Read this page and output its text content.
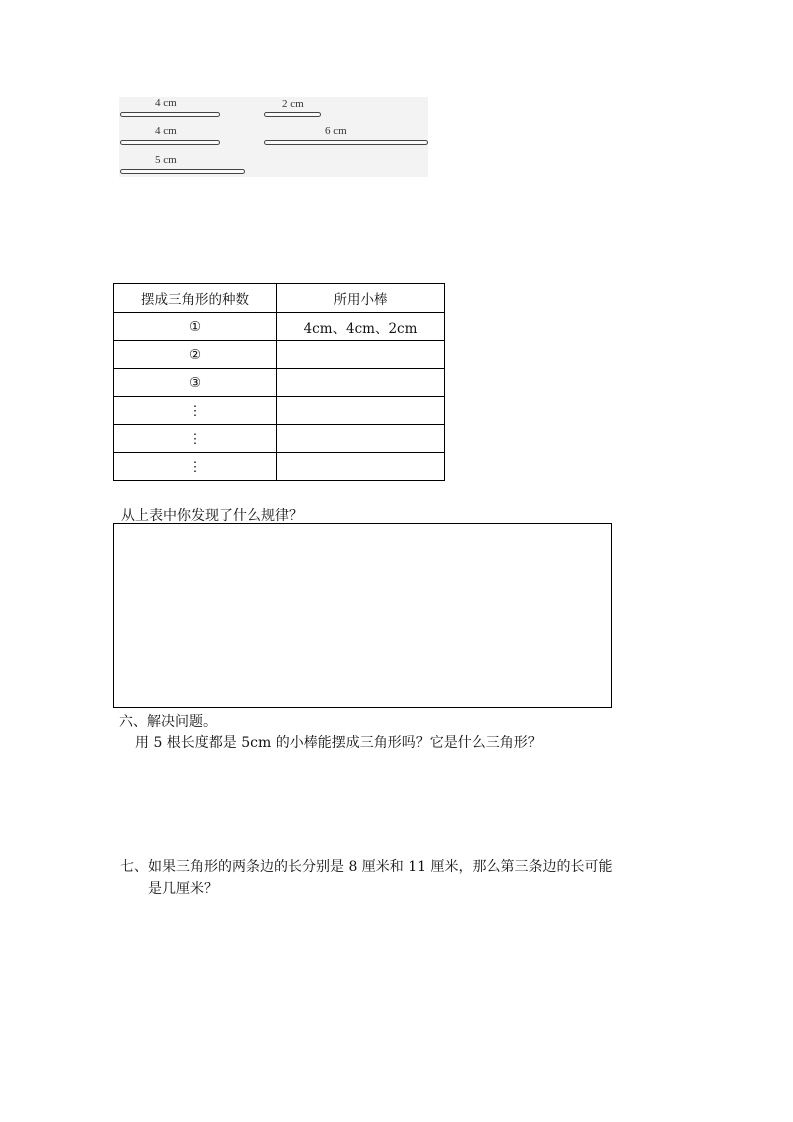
4 cm	2 cm
4 cm	6 cm
5 cm
摆成三角形的种数	所用小棒
①	4cm、4cm、2cm
②	
③	
⋮	
⋮	
⋮	
从上表中你发现了什么规律？
六、解决问题。
用 5 根长度都是 5cm 的小棒能摆成三角形吗？它是什么三角形？
七、如果三角形的两条边的长分别是 8 厘米和 11 厘米，那么第三条边的长可能
是几厘米？
